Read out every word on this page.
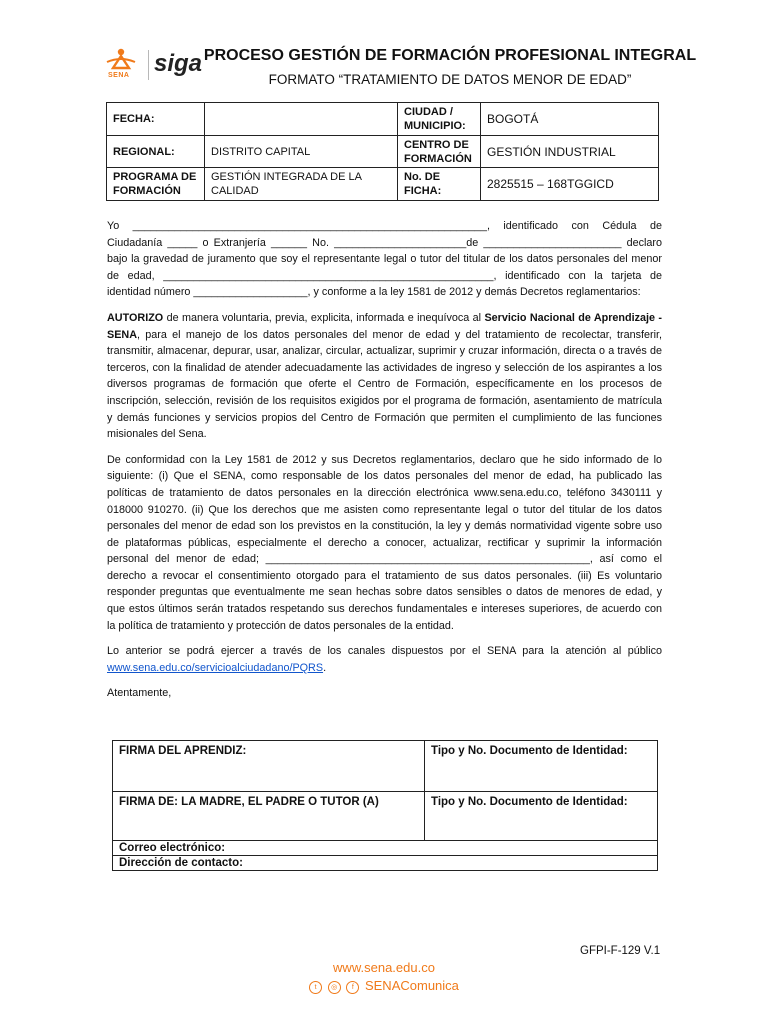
SENA siga PROCESO GESTIÓN DE FORMACIÓN PROFESIONAL INTEGRAL
FORMATO “TRATAMIENTO DE DATOS MENOR DE EDAD”
FECHA:		CIUDAD / MUNICIPIO:	BOGOTÁ
REGIONAL:	DISTRITO CAPITAL	CENTRO DE FORMACIÓN	GESTIÓN INDUSTRIAL
PROGRAMA DE FORMACIÓN	GESTIÓN INTEGRADA DE LA CALIDAD	No. DE FICHA:	2825515 – 168TGGICD

Yo ___________________________________________________________, identificado con Cédula de Ciudadanía _____ o Extranjería ______ No. ______________________de _______________________ declaro bajo la gravedad de juramento que soy el representante legal o tutor del titular de los datos personales del menor de edad, _______________________________________________________, identificado con la tarjeta de identidad número ___________________, y conforme a la ley 1581 de 2012 y demás Decretos reglamentarios:

AUTORIZO de manera voluntaria, previa, explicita, informada e inequívoca al Servicio Nacional de Aprendizaje - SENA, para el manejo de los datos personales del menor de edad y del tratamiento de recolectar, transferir, transmitir, almacenar, depurar, usar, analizar, circular, actualizar, suprimir y cruzar información, directa o a través de terceros, con la finalidad de atender adecuadamente las actividades de ingreso y selección de los aspirantes a los diversos programas de formación que oferte el Centro de Formación, específicamente en los procesos de inscripción, selección, revisión de los requisitos exigidos por el programa de formación, asentamiento de matrícula y demás funciones y servicios propios del Centro de Formación que permiten el cumplimiento de las funciones misionales del Sena.

De conformidad con la Ley 1581 de 2012 y sus Decretos reglamentarios, declaro que he sido informado de lo siguiente: (i) Que el SENA, como responsable de los datos personales del menor de edad, ha publicado las políticas de tratamiento de datos personales en la dirección electrónica www.sena.edu.co, teléfono 3430111 y 018000 910270. (ii) Que los derechos que me asisten como representante legal o tutor del titular de los datos personales del menor de edad son los previstos en la constitución, la ley y demás normatividad vigente sobre uso de plataformas públicas, especialmente el derecho a conocer, actualizar, rectificar y suprimir la información personal del menor de edad; ______________________________________________________, así como el derecho a revocar el consentimiento otorgado para el tratamiento de sus datos personales. (iii) Es voluntario responder preguntas que eventualmente me sean hechas sobre datos sensibles o datos de menores de edad, y que estos últimos serán tratados respetando sus derechos fundamentales e intereses superiores, de acuerdo con la política de tratamiento y protección de datos personales de la entidad.

Lo anterior se podrá ejercer a través de los canales dispuestos por el SENA para la atención al público www.sena.edu.co/servicioalciudadano/PQRS.

Atentamente,

FIRMA DEL APRENDIZ:	Tipo y No. Documento de Identidad:
FIRMA DE: LA MADRE, EL PADRE O TUTOR (A)	Tipo y No. Documento de Identidad:
Correo electrónico:	
Dirección de contacto:	
GFPI-F-129 V.1
www.sena.edu.co
t ◎ f SENAComunica
